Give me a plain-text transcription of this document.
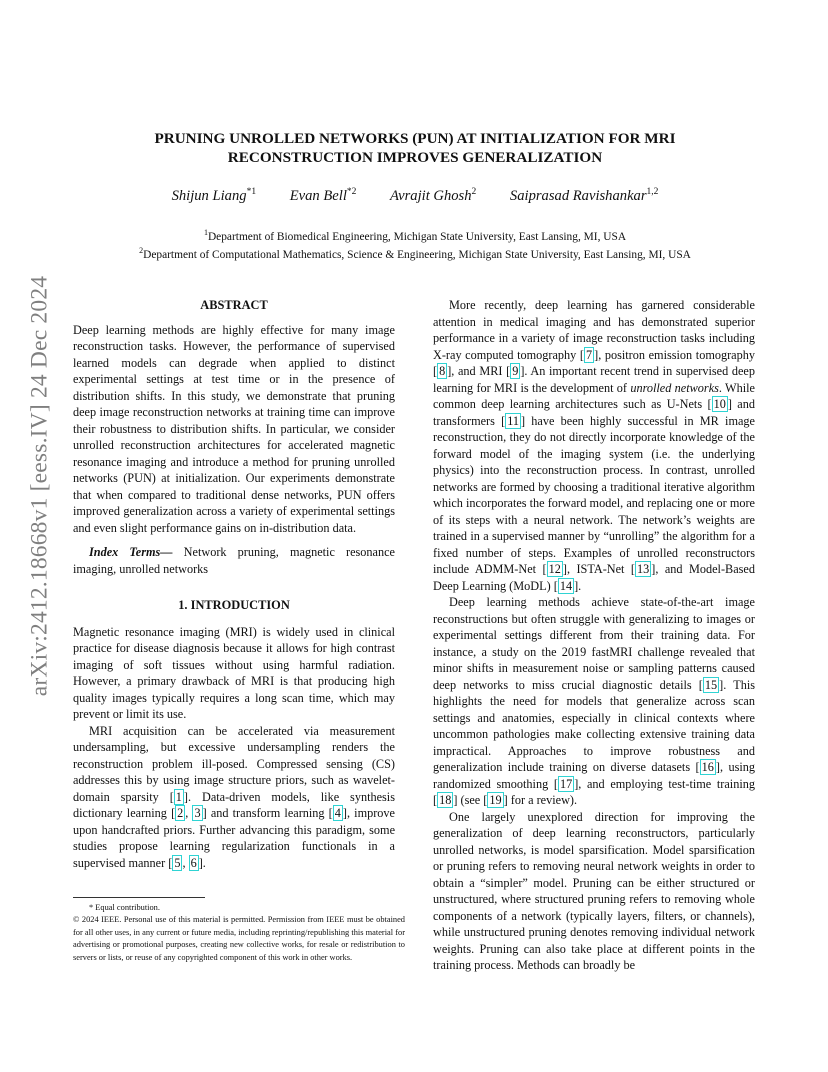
arXiv:2412.18668v1 [eess.IV] 24 Dec 2024
PRUNING UNROLLED NETWORKS (PUN) AT INITIALIZATION FOR MRI
RECONSTRUCTION IMPROVES GENERALIZATION
Shijun Liang$^{*1}$ Evan Bell$^{*2}$ Avrajit Ghosh$^2$ Saiprasad Ravishankar$^{1,2}$
$^1$Department of Biomedical Engineering, Michigan State University, East Lansing, MI, USA
$^2$Department of Computational Mathematics, Science & Engineering, Michigan State University, East Lansing, MI, USA

ABSTRACT

Deep learning methods are highly effective for many image reconstruction tasks. However, the performance of supervised learned models can degrade when applied to distinct experimental settings at test time or in the presence of distribution shifts. In this study, we demonstrate that pruning deep image reconstruction networks at training time can improve their robustness to distribution shifts. In particular, we consider unrolled reconstruction architectures for accelerated magnetic resonance imaging and introduce a method for pruning unrolled networks (PUN) at initialization. Our experiments demonstrate that when compared to traditional dense networks, PUN offers improved generalization across a variety of experimental settings and even slight performance gains on in-distribution data.

Index Terms— Network pruning, magnetic resonance imaging, unrolled networks

1. INTRODUCTION

Magnetic resonance imaging (MRI) is widely used in clinical practice for disease diagnosis because it allows for high contrast imaging of soft tissues without using harmful radiation. However, a primary drawback of MRI is that producing high quality images typically requires a long scan time, which may prevent or limit its use.

MRI acquisition can be accelerated via measurement undersampling, but excessive undersampling renders the reconstruction problem ill-posed. Compressed sensing (CS) addresses this by using image structure priors, such as wavelet-domain sparsity [ 1 ]. Data-driven models, like synthesis dictionary learning [ 2 , 3 ] and transform learning [ 4 ], improve upon handcrafted priors. Further advancing this paradigm, some studies propose learning regularization functionals in a supervised manner [ 5 , 6 ].

More recently, deep learning has garnered considerable attention in medical imaging and has demonstrated superior performance in a variety of image reconstruction tasks including X-ray computed tomography [ 7 ], positron emission tomography [ 8 ], and MRI [ 9 ]. An important recent trend in supervised deep learning for MRI is the development of unrolled networks. While common deep learning architectures such as U-Nets [ 10 ] and transformers [ 11 ] have been highly successful in MR image reconstruction, they do not directly incorporate knowledge of the forward model of the imaging system (i.e. the underlying physics) into the reconstruction process. In contrast, unrolled networks are formed by choosing a traditional iterative algorithm which incorporates the forward model, and replacing one or more of its steps with a neural network. The network’s weights are trained in a supervised manner by “unrolling” the algorithm for a fixed number of steps. Examples of unrolled reconstructors include ADMM-Net [ 12 ], ISTA-Net [ 13 ], and Model-Based Deep Learning (MoDL) [ 14 ].

Deep learning methods achieve state-of-the-art image reconstructions but often struggle with generalizing to images or experimental settings different from their training data. For instance, a study on the 2019 fastMRI challenge revealed that minor shifts in measurement noise or sampling patterns caused deep networks to miss crucial diagnostic details [ 15 ]. This highlights the need for models that generalize across scan settings and anatomies, especially in clinical contexts where uncommon pathologies make collecting extensive training data impractical. Approaches to improve robustness and generalization include training on diverse datasets [ 16 ], using randomized smoothing [ 17 ], and employing test-time training [ 18 ] (see [ 19 ] for a review).

One largely unexplored direction for improving the generalization of deep learning reconstructors, particularly unrolled networks, is model sparsification. Model sparsification or pruning refers to removing neural network weights in order to obtain a “simpler” model. Pruning can be either structured or unstructured, where structured pruning refers to removing whole components of a network (typically layers, filters, or channels), while unstructured pruning denotes removing individual network weights. Pruning can also take place at different points in the training process. Methods can broadly be

* Equal contribution.

© 2024 IEEE. Personal use of this material is permitted. Permission from IEEE must be obtained for all other uses, in any current or future media, including reprinting/republishing this material for advertising or promotional purposes, creating new collective works, for resale or redistribution to servers or lists, or reuse of any copyrighted component of this work in other works.
